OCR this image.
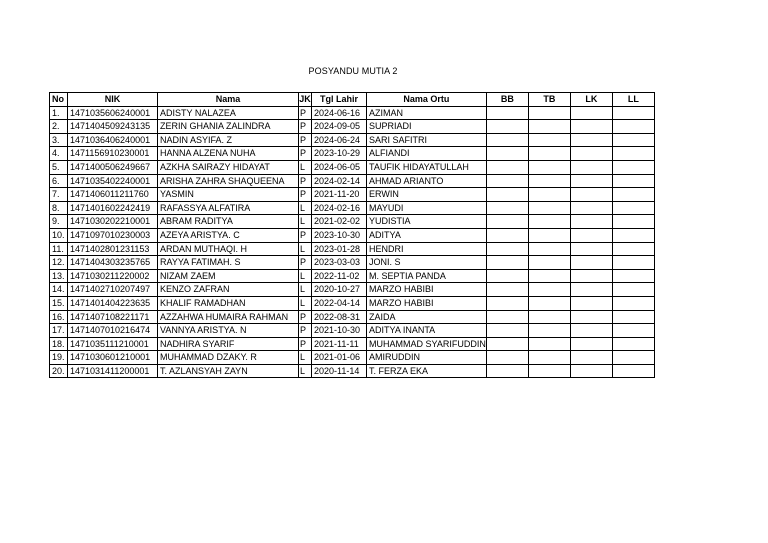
POSYANDU MUTIA 2
No	NIK	Nama	JK	Tgl Lahir	Nama Ortu	BB	TB	LK	LL
1.	1471035606240001	ADISTY NALAZEA	P	2024-06-16	AZIMAN				
2.	1471404509243135	ZERIN GHANIA ZALINDRA	P	2024-09-05	SUPRIADI				
3.	1471036406240001	NADIN ASYIFA. Z	P	2024-06-24	SARI SAFITRI				
4.	1471156910230001	HANNA ALZENA NUHA	P	2023-10-29	ALFIANDI				
5.	1471400506249667	AZKHA SAIRAZY HIDAYAT	L	2024-06-05	TAUFIK HIDAYATULLAH				
6.	1471035402240001	ARISHA ZAHRA SHAQUEENA	P	2024-02-14	AHMAD ARIANTO				
7.	1471406011211760	YASMIN	P	2021-11-20	ERWIN				
8.	1471401602242419	RAFASSYA ALFATIRA	L	2024-02-16	MAYUDI				
9.	1471030202210001	ABRAM RADITYA	L	2021-02-02	YUDISTIA				
10.	1471097010230003	AZEYA ARISTYA. C	P	2023-10-30	ADITYA				
11.	1471402801231153	ARDAN MUTHAQI. H	L	2023-01-28	HENDRI				
12.	1471404303235765	RAYYA FATIMAH. S	P	2023-03-03	JONI. S				
13.	1471030211220002	NIZAM ZAEM	L	2022-11-02	M. SEPTIA PANDA				
14.	1471402710207497	KENZO ZAFRAN	L	2020-10-27	MARZO HABIBI				
15.	1471401404223635	KHALIF RAMADHAN	L	2022-04-14	MARZO HABIBI				
16.	1471407108221171	AZZAHWA HUMAIRA RAHMAN	P	2022-08-31	ZAIDA				
17.	1471407010216474	VANNYA ARISTYA. N	P	2021-10-30	ADITYA INANTA				
18.	1471035111210001	NADHIRA SYARIF	P	2021-11-11	MUHAMMAD SYARIFUDDIN				
19.	1471030601210001	MUHAMMAD DZAKY. R	L	2021-01-06	AMIRUDDIN				
20.	1471031411200001	T. AZLANSYAH ZAYN	L	2020-11-14	T. FERZA EKA				
